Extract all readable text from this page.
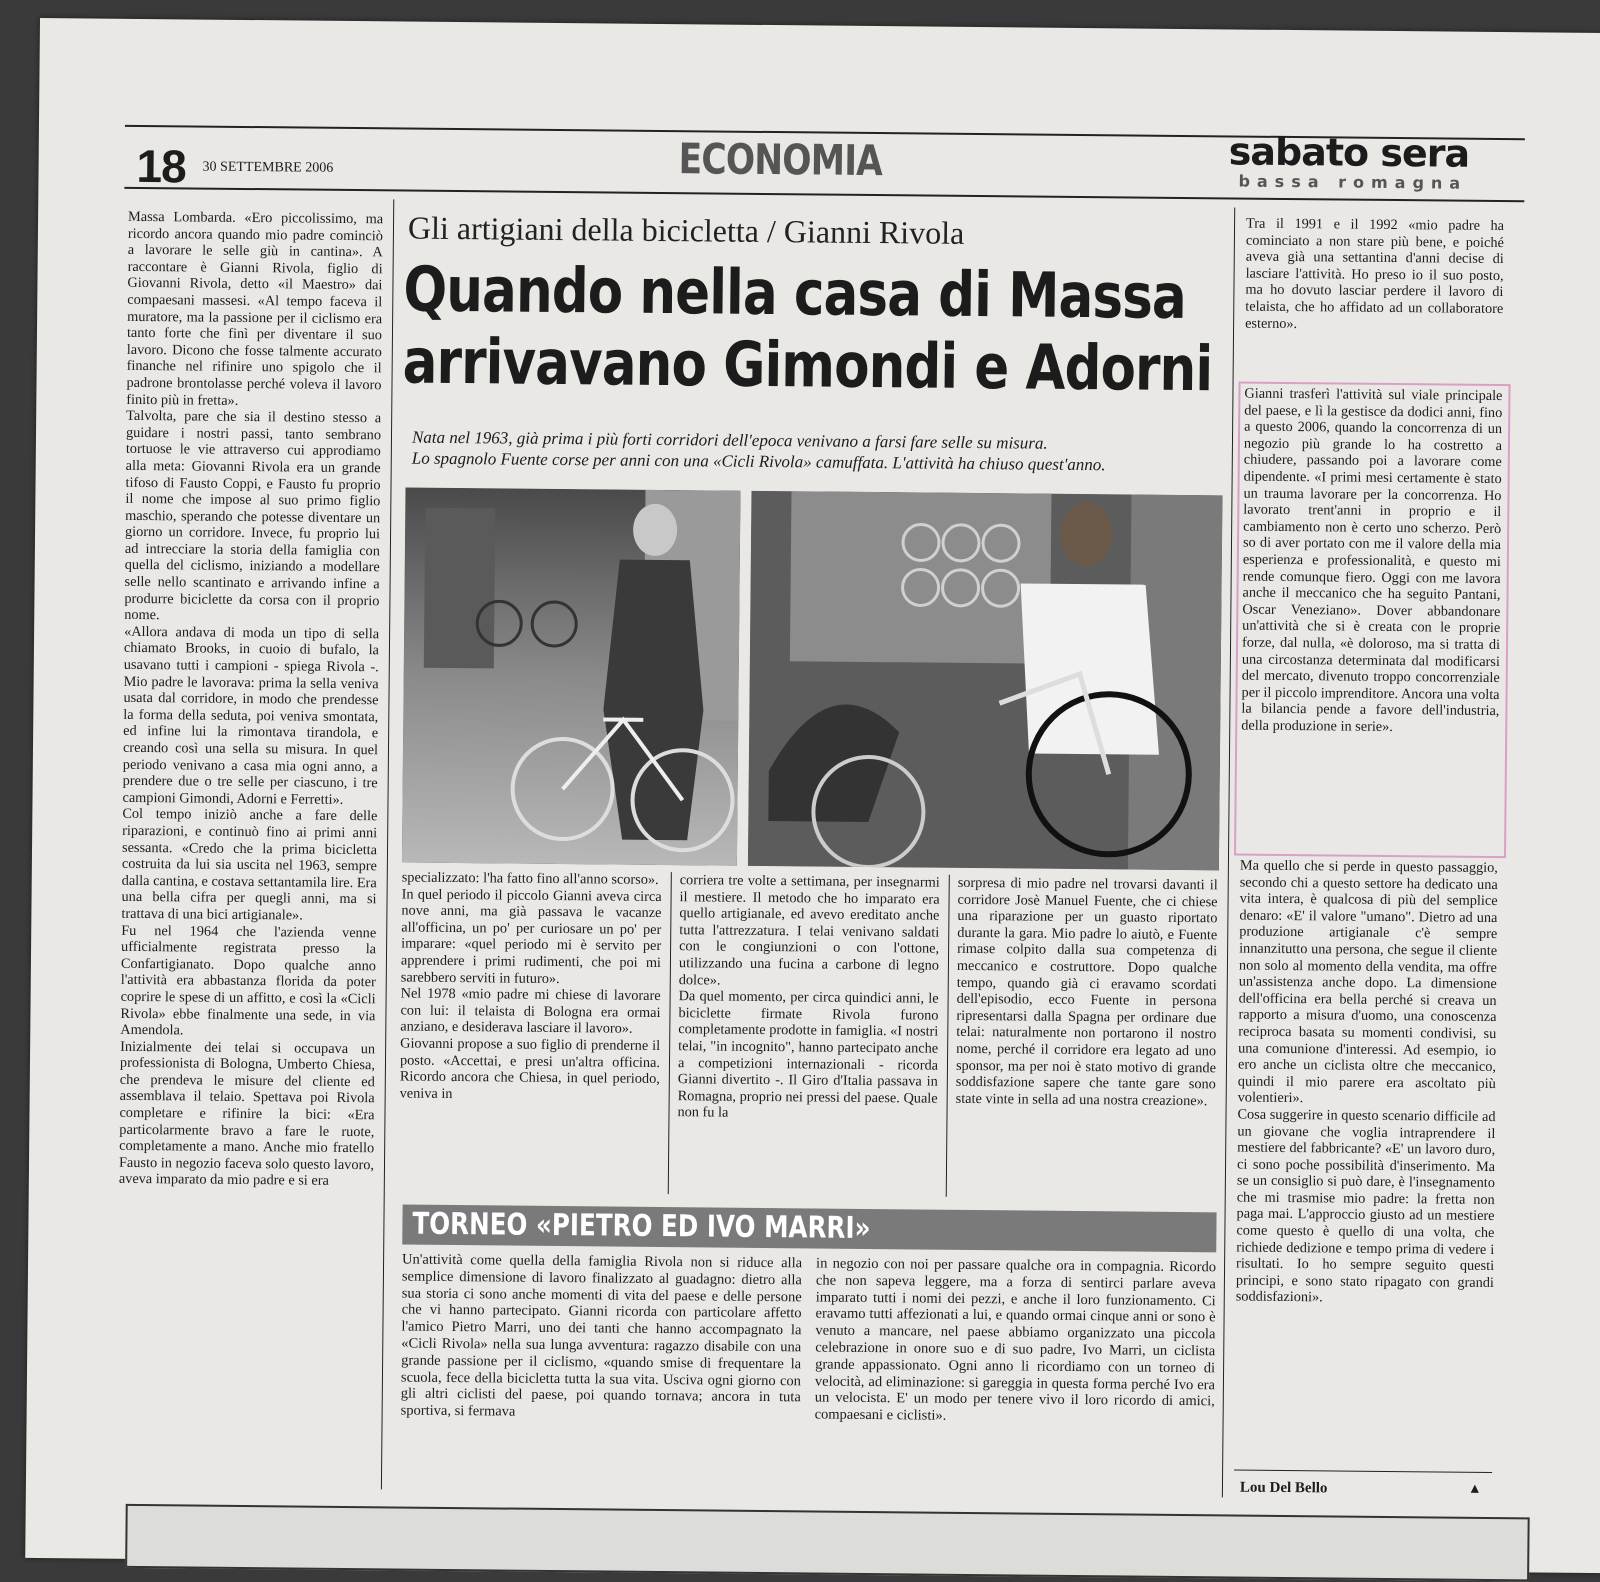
18 30 SETTEMBRE 2006	ECONOMIA	sabato sera
bassa romagna

Massa Lombarda. «Ero piccolissimo, ma ricordo ancora quando mio padre cominciò a lavorare le selle giù in cantina». A raccontare è Gianni Rivola, figlio di Giovanni Rivola, detto «il Maestro» dai compaesani massesi. «Al tempo faceva il muratore, ma la passione per il ciclismo era tanto forte che finì per diventare il suo lavoro. Dicono che fosse talmente accurato finanche nel rifinire uno spigolo che il padrone brontolasse perché voleva il lavoro finito più in fretta».

Talvolta, pare che sia il destino stesso a guidare i nostri passi, tanto sembrano tortuose le vie attraverso cui approdiamo alla meta: Giovanni Rivola era un grande tifoso di Fausto Coppi, e Fausto fu proprio il nome che impose al suo primo figlio maschio, sperando che potesse diventare un giorno un corridore. Invece, fu proprio lui ad intrecciare la storia della famiglia con quella del ciclismo, iniziando a modellare selle nello scantinato e arrivando infine a produrre biciclette da corsa con il proprio nome.

«Allora andava di moda un tipo di sella chiamato Brooks, in cuoio di bufalo, la usavano tutti i campioni - spiega Rivola -. Mio padre le lavorava: prima la sella veniva usata dal corridore, in modo che prendesse la forma della seduta, poi veniva smontata, ed infine lui la rimontava tirandola, e creando così una sella su misura. In quel periodo venivano a casa mia ogni anno, a prendere due o tre selle per ciascuno, i tre campioni Gimondi, Adorni e Ferretti».

Col tempo iniziò anche a fare delle riparazioni, e continuò fino ai primi anni sessanta. «Credo che la prima bicicletta costruita da lui sia uscita nel 1963, sempre dalla cantina, e costava settantamila lire. Era una bella cifra per quegli anni, ma si trattava di una bici artigianale».

Fu nel 1964 che l'azienda venne ufficialmente registrata presso la Confartigianato. Dopo qualche anno l'attività era abbastanza florida da poter coprire le spese di un affitto, e così la «Cicli Rivola» ebbe finalmente una sede, in via Amendola.

Inizialmente dei telai si occupava un professionista di Bologna, Umberto Chiesa, che prendeva le misure del cliente ed assemblava il telaio. Spettava poi Rivola completare e rifinire la bici: «Era particolarmente bravo a fare le ruote, completamente a mano. Anche mio fratello Fausto in negozio faceva solo questo lavoro, aveva imparato da mio padre e si era

Gli artigiani della bicicletta / Gianni Rivola
Quando nella casa di Massa
arrivavano Gimondi e Adorni
Nata nel 1963, già prima i più forti corridori dell'epoca venivano a farsi fare selle su misura.
Lo spagnolo Fuente corse per anni con una «Cicli Rivola» camuffata. L'attività ha chiuso quest'anno.

specializzato: l'ha fatto fino all'anno scorso».

In quel periodo il piccolo Gianni aveva circa nove anni, ma già passava le vacanze all'officina, un po' per curiosare un po' per imparare: «quel periodo mi è servito per apprendere i primi rudimenti, che poi mi sarebbero serviti in futuro».

Nel 1978 «mio padre mi chiese di lavorare con lui: il telaista di Bologna era ormai anziano, e desiderava lasciare il lavoro».

Giovanni propose a suo figlio di prenderne il posto. «Accettai, e presi un'altra officina. Ricordo ancora che Chiesa, in quel periodo, veniva in

corriera tre volte a settimana, per insegnarmi il mestiere. Il metodo che ho imparato era quello artigianale, ed avevo ereditato anche tutta l'attrezzatura. I telai venivano saldati con le congiunzioni o con l'ottone, utilizzando una fucina a carbone di legno dolce».

Da quel momento, per circa quindici anni, le biciclette firmate Rivola furono completamente prodotte in famiglia. «I nostri telai, "in incognito", hanno partecipato anche a competizioni internazionali - ricorda Gianni divertito -. Il Giro d'Italia passava in Romagna, proprio nei pressi del paese. Quale non fu la

sorpresa di mio padre nel trovarsi davanti il corridore Josè Manuel Fuente, che ci chiese una riparazione per un guasto riportato durante la gara. Mio padre lo aiutò, e Fuente rimase colpito dalla sua competenza di meccanico e costruttore. Dopo qualche tempo, quando già ci eravamo scordati dell'episodio, ecco Fuente in persona ripresentarsi dalla Spagna per ordinare due telai: naturalmente non portarono il nostro nome, perché il corridore era legato ad uno sponsor, ma per noi è stato motivo di grande soddisfazione sapere che tante gare sono state vinte in sella ad una nostra creazione».

TORNEO «PIETRO ED IVO MARRI»

Un'attività come quella della famiglia Rivola non si riduce alla semplice dimensione di lavoro finalizzato al guadagno: dietro alla sua storia ci sono anche momenti di vita del paese e delle persone che vi hanno partecipato. Gianni ricorda con particolare affetto l'amico Pietro Marri, uno dei tanti che hanno accompagnato la «Cicli Rivola» nella sua lunga avventura: ragazzo disabile con una grande passione per il ciclismo, «quando smise di frequentare la scuola, fece della bicicletta tutta la sua vita. Usciva ogni giorno con gli altri ciclisti del paese, poi quando tornava; ancora in tuta sportiva, si fermava

in negozio con noi per passare qualche ora in compagnia. Ricordo che non sapeva leggere, ma a forza di sentirci parlare aveva imparato tutti i nomi dei pezzi, e anche il loro funzionamento. Ci eravamo tutti affezionati a lui, e quando ormai cinque anni or sono è venuto a mancare, nel paese abbiamo organizzato una piccola celebrazione in onore suo e di suo padre, Ivo Marri, un ciclista grande appassionato. Ogni anno li ricordiamo con un torneo di velocità, ad eliminazione: si gareggia in questa forma perché Ivo era un velocista. E' un modo per tenere vivo il loro ricordo di amici, compaesani e ciclisti».

Tra il 1991 e il 1992 «mio padre ha cominciato a non stare più bene, e poiché aveva già una settantina d'anni decise di lasciare l'attività. Ho preso io il suo posto, ma ho dovuto lasciar perdere il lavoro di telaista, che ho affidato ad un collaboratore esterno».

Gianni trasferì l'attività sul viale principale del paese, e lì la gestisce da dodici anni, fino a questo 2006, quando la concorrenza di un negozio più grande lo ha costretto a chiudere, passando poi a lavorare come dipendente. «I primi mesi certamente è stato un trauma lavorare per la concorrenza. Ho lavorato trent'anni in proprio e il cambiamento non è certo uno scherzo. Però so di aver portato con me il valore della mia esperienza e professionalità, e questo mi rende comunque fiero. Oggi con me lavora anche il meccanico che ha seguito Pantani, Oscar Veneziano». Dover abbandonare un'attività che si è creata con le proprie forze, dal nulla, «è doloroso, ma si tratta di una circostanza determinata dal modificarsi del mercato, divenuto troppo concorrenziale per il piccolo imprenditore. Ancora una volta la bilancia pende a favore dell'industria, della produzione in serie».

Ma quello che si perde in questo passaggio, secondo chi a questo settore ha dedicato una vita intera, è qualcosa di più del semplice denaro: «E' il valore "umano". Dietro ad una produzione artigianale c'è sempre innanzitutto una persona, che segue il cliente non solo al momento della vendita, ma offre un'assistenza anche dopo. La dimensione dell'officina era bella perché si creava un rapporto a misura d'uomo, una conoscenza reciproca basata su momenti condivisi, su una comunione d'interessi. Ad esempio, io ero anche un ciclista oltre che meccanico, quindi il mio parere era ascoltato più volentieri».

Cosa suggerire in questo scenario difficile ad un giovane che voglia intraprendere il mestiere del fabbricante? «E' un lavoro duro, ci sono poche possibilità d'inserimento. Ma se un consiglio si può dare, è l'insegnamento che mi trasmise mio padre: la fretta non paga mai. L'approccio giusto ad un mestiere come questo è quello di una volta, che richiede dedizione e tempo prima di vedere i risultati. Io ho sempre seguito questi principi, e sono stato ripagato con grandi soddisfazioni».

Lou Del Bello	▲
